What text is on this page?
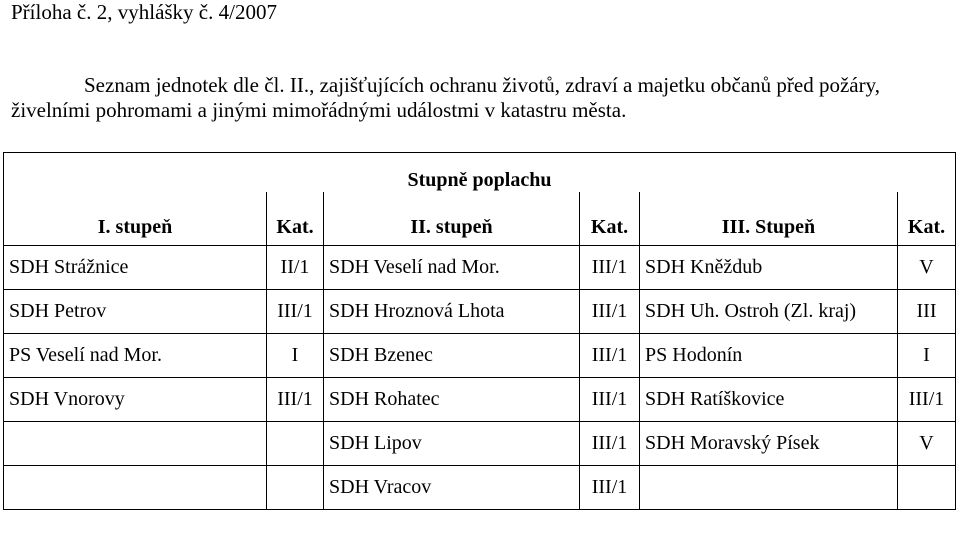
Příloha č. 2, vyhlášky č. 4/2007
Seznam jednotek dle čl. II., zajišťujících ochranu životů, zdraví a majetku občanů před požáry,
živelními pohromami a jinými mimořádnými událostmi v katastru města.
Stupně poplachu					
I. stupeň	Kat.	II. stupeň	Kat.	III. Stupeň	Kat.
SDH Strážnice	II/1	SDH Veselí nad Mor.	III/1	SDH Kněždub	V
SDH Petrov	III/1	SDH Hroznová Lhota	III/1	SDH Uh. Ostroh (Zl. kraj)	III
PS Veselí nad Mor.	I	SDH Bzenec	III/1	PS Hodonín	I
SDH Vnorovy	III/1	SDH Rohatec	III/1	SDH Ratíškovice	III/1
		SDH Lipov	III/1	SDH Moravský Písek	V
		SDH Vracov	III/1		
